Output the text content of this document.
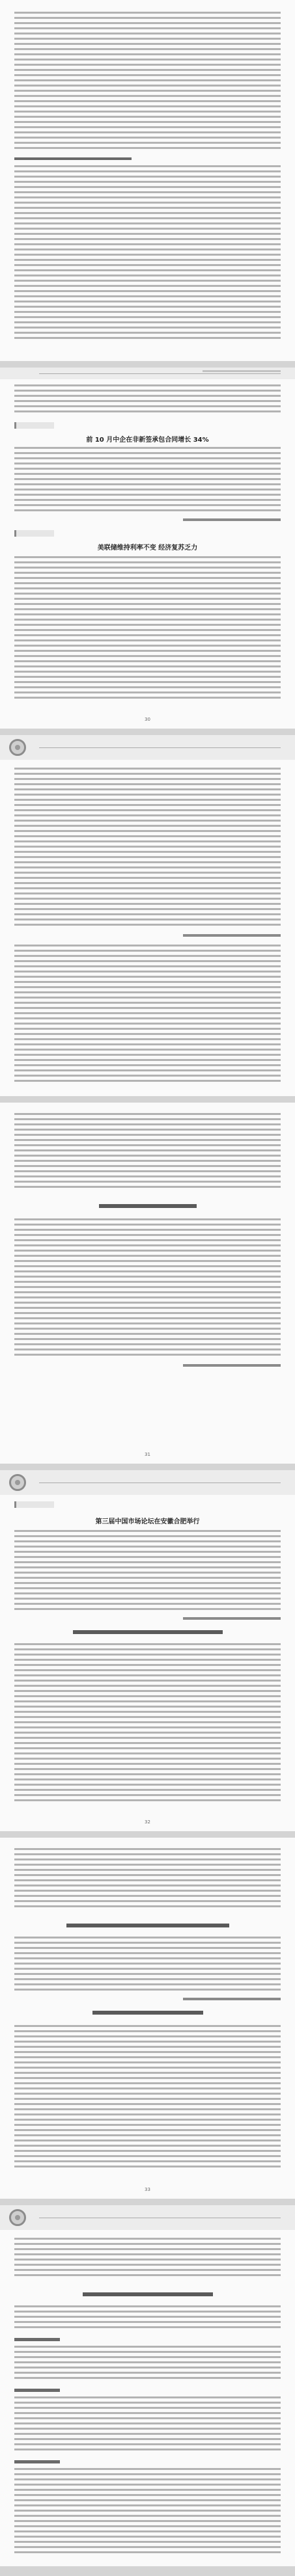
前 10 月中企在非新签承包合同增长 34%
美联储维持利率不变 经济复苏乏力
30
31
第三届中国市场论坛在安徽合肥举行
32
33
